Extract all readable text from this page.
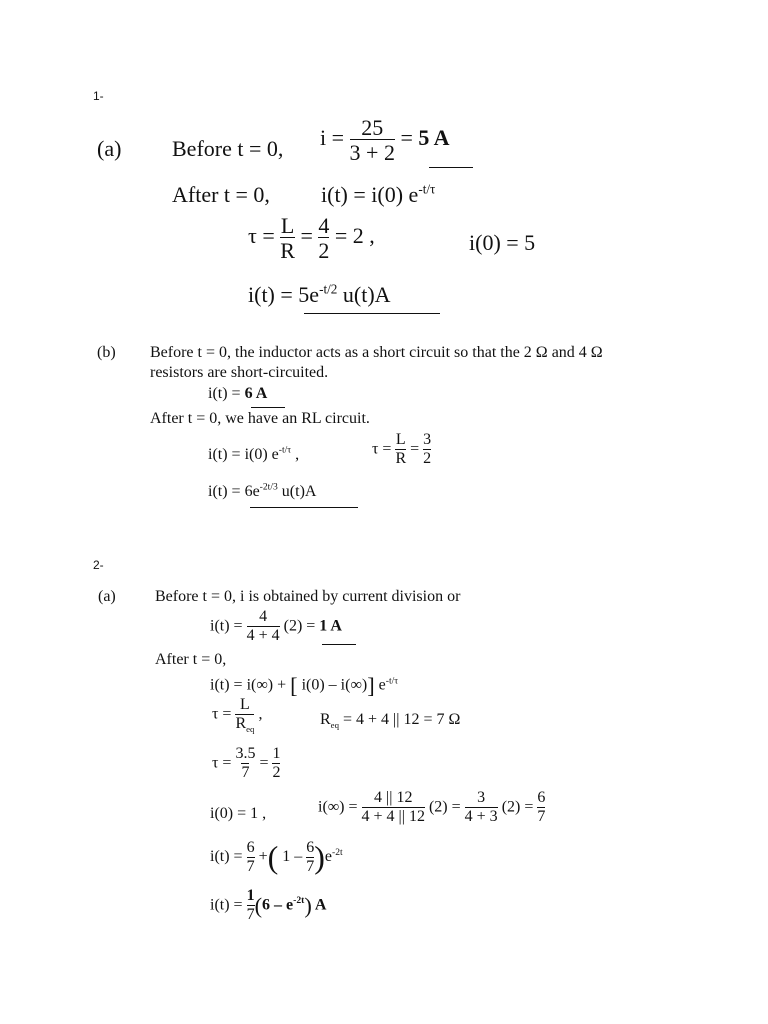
1-
(a) Before t = 0, $i = \frac{25}{3 + 2} = 5$ A
After t = 0, i(t) = i(0) $e^{-t/\tau}$
$\tau = \frac{L}{R} = \frac{4}{2} = 2$ ,	i(0) = 5
$i(t) = 5e^{-t/2}$ u(t)A
(b) Before t = 0, the inductor acts as a short circuit so that the 2 Ω and 4 Ω
resistors are short-circuited.
i(t) = 6 A
After t = 0, we have an RL circuit.
i(t) = i(0) $e^{-t/\tau}$ ,	$\tau = \frac{L}{R} = \frac{3}{2}$
$i(t) = 6e^{-2t/3}$ u(t)A
2-
(a) Before t = 0, i is obtained by current division or
$i(t) = \frac{4}{4 + 4} (2) = 1$ A
After t = 0,
i(t) = i(∞) + [ i(0) – i(∞)] $e^{-t/\tau}$
$\tau = \frac{L}{R_{eq}}$ ,	$R_{eq} = 4 + 4$ || 12 = 7 Ω
$\tau = \frac{3.5}{7} = \frac{1}{2}$
i(0) = 1 ,	$i(\infty) = \frac{4 || 12}{4 + 4 || 12} (2) = \frac{3}{4 + 3} (2) = \frac{6}{7}$
$i(t) = \frac{6}{7}$ +( $1 - \frac{6}{7} )e^{-2t}$
$i(t) = \frac{1}{7} (6 - e^{-2t})$ A
